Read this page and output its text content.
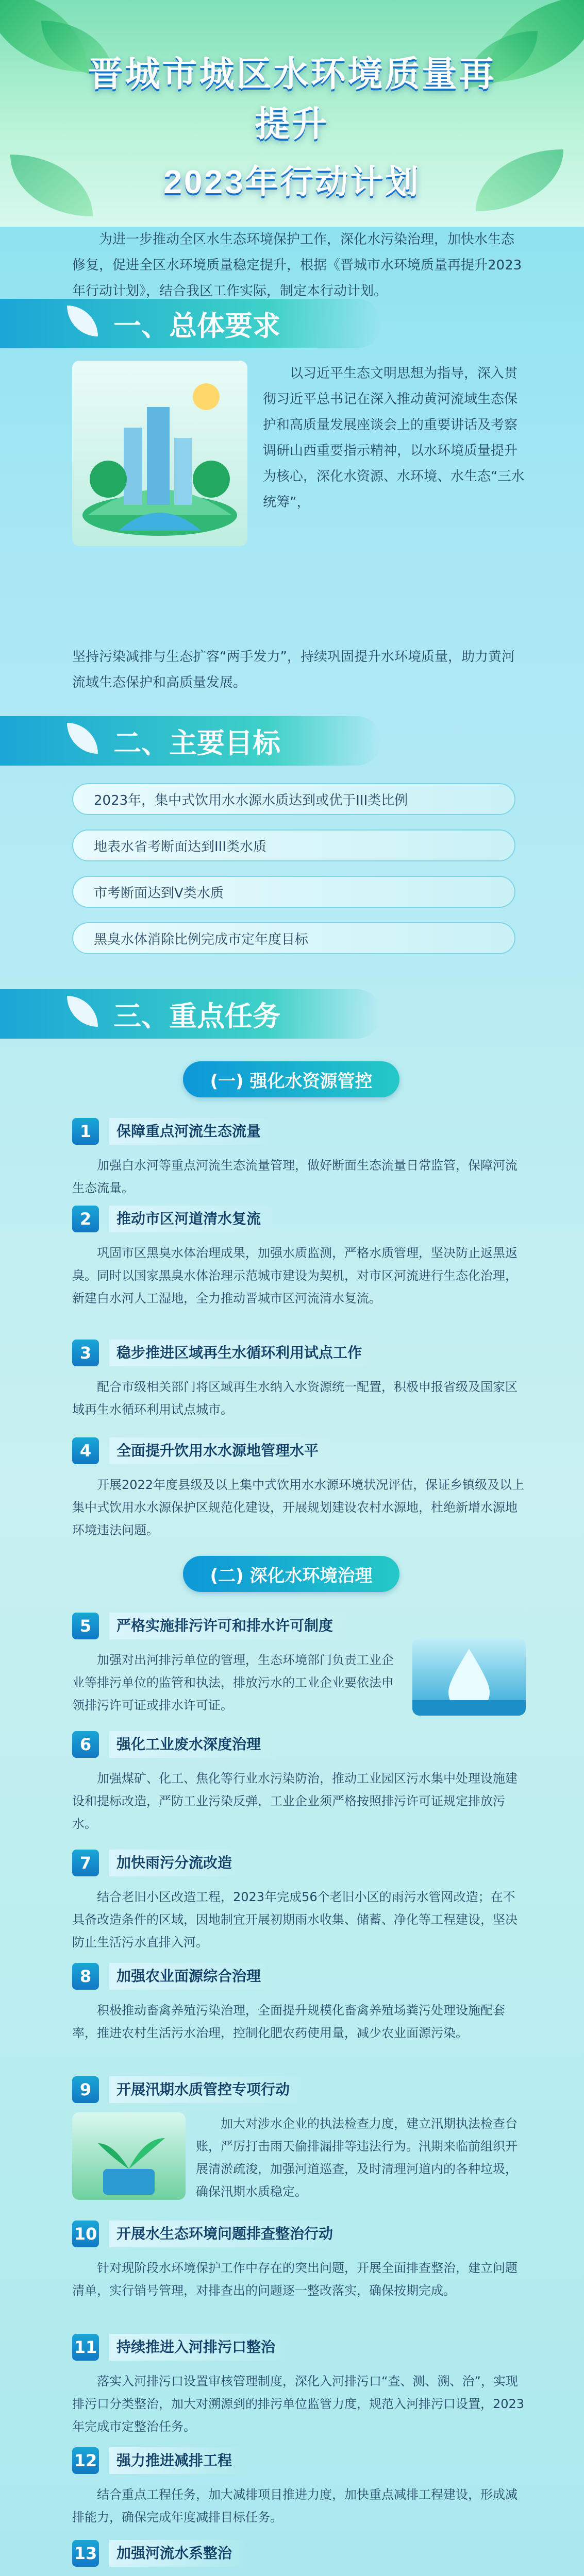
晋城市城区水环境质量再提升
2023年行动计划
为进一步推动全区水生态环境保护工作，深化水污染治理，加快水生态修复，促进全区水环境质量稳定提升，根据《晋城市水环境质量再提升2023年行动计划》，结合我区工作实际，制定本行动计划。
一、总体要求
以习近平生态文明思想为指导，深入贯彻习近平总书记在深入推动黄河流域生态保护和高质量发展座谈会上的重要讲话及考察调研山西重要指示精神，以水环境质量提升为核心，深化水资源、水环境、水生态“三水统筹”，
坚持污染减排与生态扩容“两手发力”，持续巩固提升水环境质量，助力黄河流域生态保护和高质量发展。
二、主要目标
2023年，集中式饮用水水源水质达到或优于III类比例
地表水省考断面达到III类水质
市考断面达到V类水质
黑臭水体消除比例完成市定年度目标
三、重点任务
(一) 强化水资源管控
1	保障重点河流生态流量
加强白水河等重点河流生态流量管理，做好断面生态流量日常监管，保障河流生态流量。
2	推动市区河道清水复流
巩固市区黑臭水体治理成果，加强水质监测，严格水质管理，坚决防止返黑返臭。同时以国家黑臭水体治理示范城市建设为契机，对市区河流进行生态化治理，新建白水河人工湿地，全力推动晋城市区河流清水复流。
3	稳步推进区域再生水循环利用试点工作
配合市级相关部门将区域再生水纳入水资源统一配置，积极申报省级及国家区域再生水循环利用试点城市。
4	全面提升饮用水水源地管理水平
开展2022年度县级及以上集中式饮用水水源环境状况评估，保证乡镇级及以上集中式饮用水水源保护区规范化建设，开展规划建设农村水源地，杜绝新增水源地环境违法问题。
(二) 深化水环境治理
5	严格实施排污许可和排水许可制度
加强对出河排污单位的管理，生态环境部门负责工业企业等排污单位的监管和执法，排放污水的工业企业要依法申领排污许可证或排水许可证。
6	强化工业废水深度治理
加强煤矿、化工、焦化等行业水污染防治，推动工业园区污水集中处理设施建设和提标改造，严防工业污染反弹，工业企业须严格按照排污许可证规定排放污水。
7	加快雨污分流改造
结合老旧小区改造工程，2023年完成56个老旧小区的雨污水管网改造；在不具备改造条件的区域，因地制宜开展初期雨水收集、储蓄、净化等工程建设，坚决防止生活污水直排入河。
8	加强农业面源综合治理
积极推动畜禽养殖污染治理，全面提升规模化畜禽养殖场粪污处理设施配套率，推进农村生活污水治理，控制化肥农药使用量，减少农业面源污染。
9	开展汛期水质管控专项行动
加大对涉水企业的执法检查力度，建立汛期执法检查台账，严厉打击雨天偷排漏排等违法行为。汛期来临前组织开展清淤疏浚，加强河道巡查，及时清理河道内的各种垃圾，确保汛期水质稳定。
10	开展水生态环境问题排查整治行动
针对现阶段水环境保护工作中存在的突出问题，开展全面排查整治，建立问题清单，实行销号管理，对排查出的问题逐一整改落实，确保按期完成。
11	持续推进入河排污口整治
落实入河排污口设置审核管理制度，深化入河排污口“查、测、溯、治”，实现排污口分类整治，加大对溯源到的排污单位监管力度，规范入河排污口设置，2023年完成市定整治任务。
12	强力推进减排工程
结合重点工程任务，加大减排项目推进力度，加快重点减排工程建设，形成减排能力，确保完成年度减排目标任务。
13	加强河流水系整治
